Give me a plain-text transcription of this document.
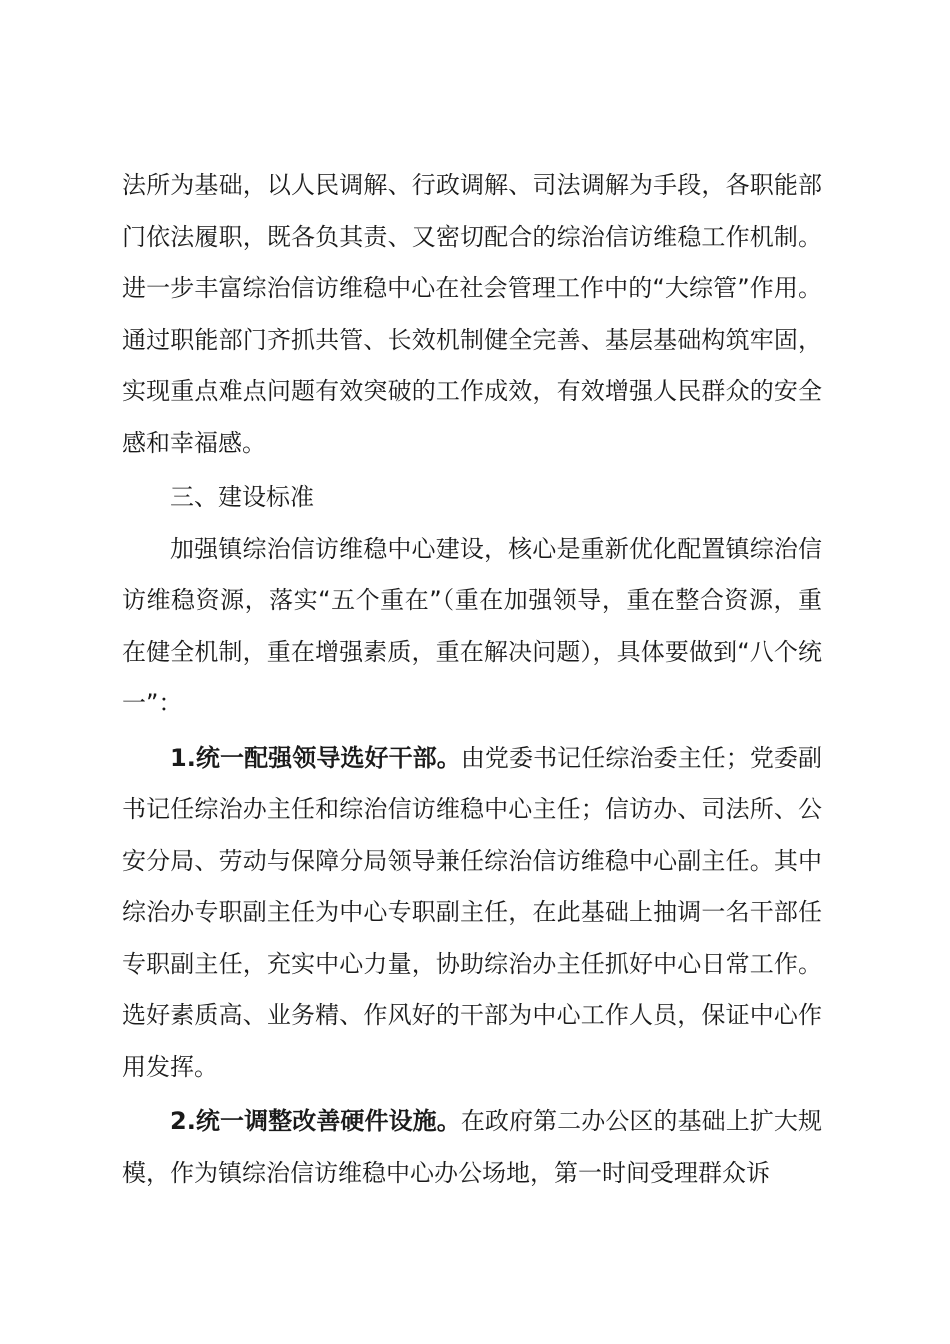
法所为基础，以人民调解、行政调解、司法调解为手段，各职能部门依法履职，既各负其责、又密切配合的综治信访维稳工作机制。进一步丰富综治信访维稳中心在社会管理工作中的“大综管”作用。通过职能部门齐抓共管、长效机制健全完善、基层基础构筑牢固，实现重点难点问题有效突破的工作成效，有效增强人民群众的安全感和幸福感。

三、建设标准

加强镇综治信访维稳中心建设，核心是重新优化配置镇综治信访维稳资源，落实“五个重在”（重在加强领导，重在整合资源，重在健全机制，重在增强素质，重在解决问题），具体要做到“八个统一”：

1.统一配强领导选好干部。由党委书记任综治委主任；党委副书记任综治办主任和综治信访维稳中心主任；信访办、司法所、公安分局、劳动与保障分局领导兼任综治信访维稳中心副主任。其中综治办专职副主任为中心专职副主任，在此基础上抽调一名干部任专职副主任，充实中心力量，协助综治办主任抓好中心日常工作。选好素质高、业务精、作风好的干部为中心工作人员，保证中心作用发挥。

2.统一调整改善硬件设施。在政府第二办公区的基础上扩大规模，作为镇综治信访维稳中心办公场地，第一时间受理群众诉
